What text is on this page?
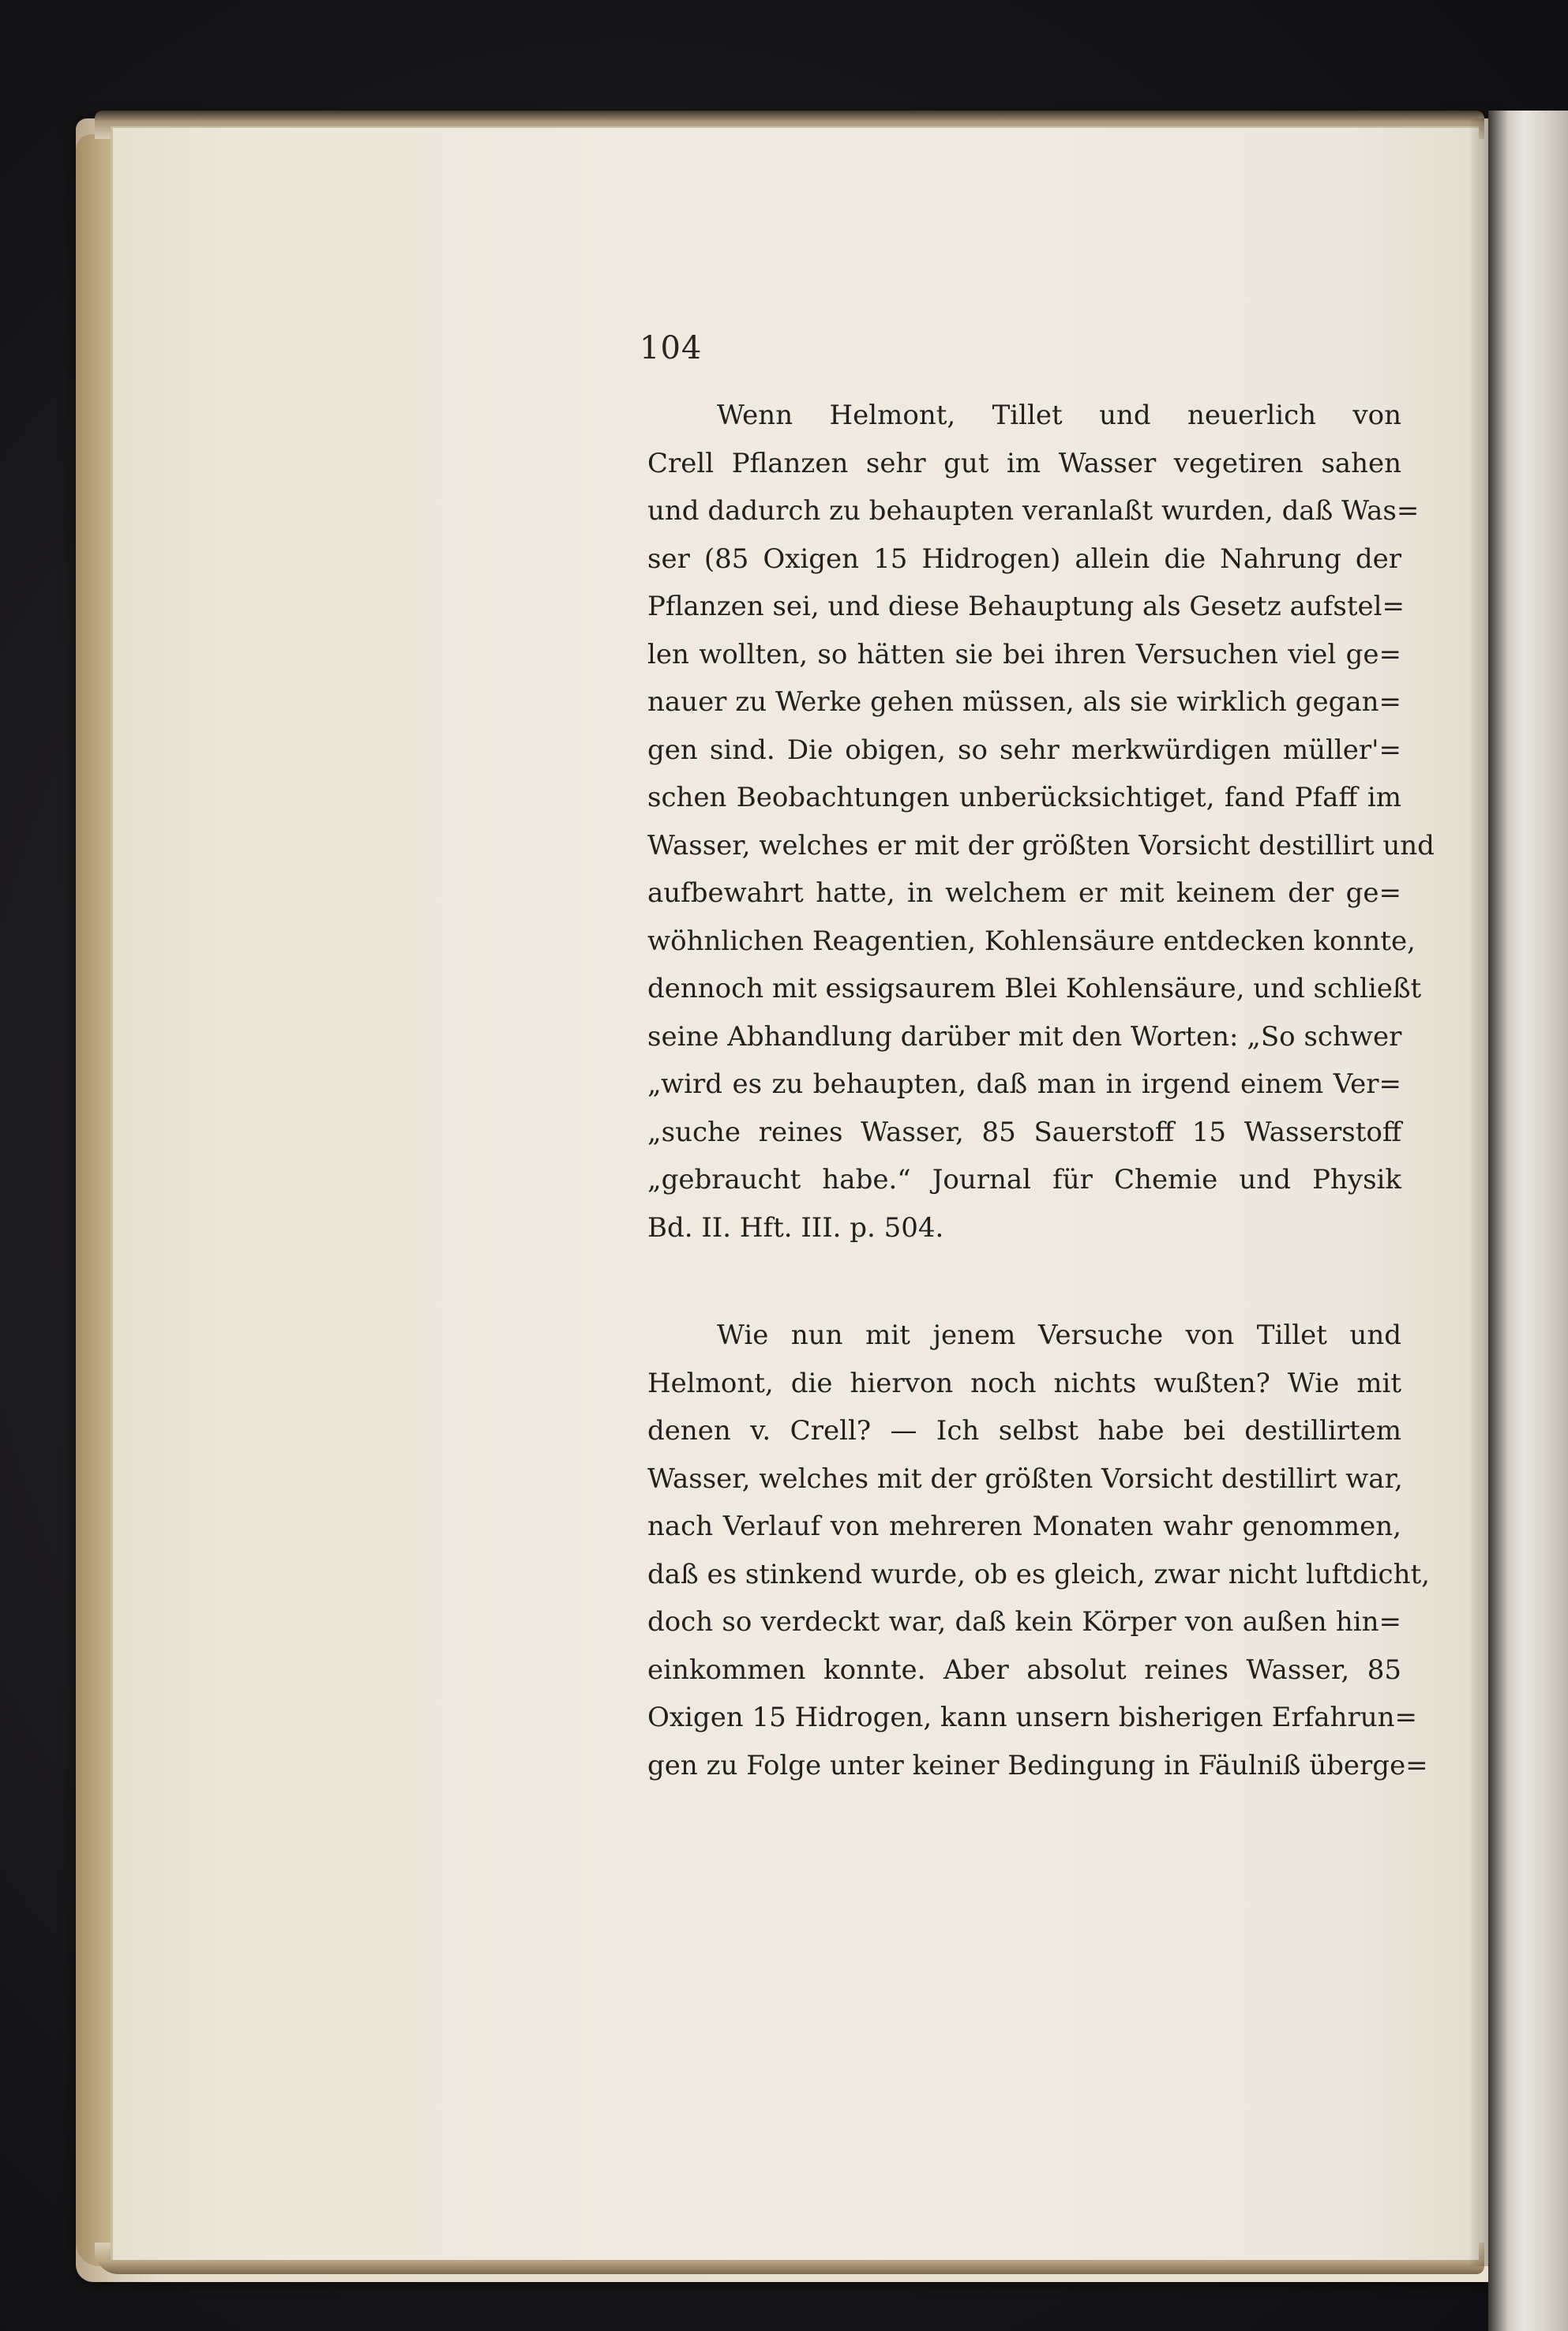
104
Wenn Helmont, Tillet und neuerlich von
Crell Pflanzen sehr gut im Wasser vegetiren sahen
und dadurch zu behaupten veranlaßt wurden, daß Was=
ser (85 Oxigen 15 Hidrogen) allein die Nahrung der
Pflanzen sei, und diese Behauptung als Gesetz aufstel=
len wollten, so hätten sie bei ihren Versuchen viel ge=
nauer zu Werke gehen müssen, als sie wirklich gegan=
gen sind. Die obigen, so sehr merkwürdigen müller'=
schen Beobachtungen unberücksichtiget, fand Pfaff im
Wasser, welches er mit der größten Vorsicht destillirt und
aufbewahrt hatte, in welchem er mit keinem der ge=
wöhnlichen Reagentien, Kohlensäure entdecken konnte,
dennoch mit essigsaurem Blei Kohlensäure, und schließt
seine Abhandlung darüber mit den Worten: „So schwer
„wird es zu behaupten, daß man in irgend einem Ver=
„suche reines Wasser, 85 Sauerstoff 15 Wasserstoff
„gebraucht habe.“ Journal für Chemie und Physik
Bd. II. Hft. III. p. 504.
Wie nun mit jenem Versuche von Tillet und
Helmont, die hiervon noch nichts wußten? Wie mit
denen v. Crell? — Ich selbst habe bei destillirtem
Wasser, welches mit der größten Vorsicht destillirt war,
nach Verlauf von mehreren Monaten wahr genommen,
daß es stinkend wurde, ob es gleich, zwar nicht luftdicht,
doch so verdeckt war, daß kein Körper von außen hin=
einkommen konnte. Aber absolut reines Wasser, 85
Oxigen 15 Hidrogen, kann unsern bisherigen Erfahrun=
gen zu Folge unter keiner Bedingung in Fäulniß überge=
